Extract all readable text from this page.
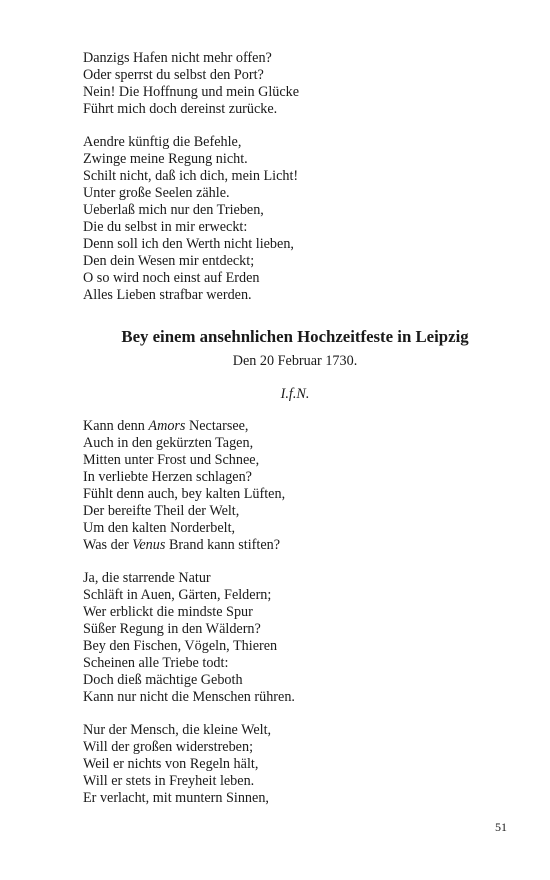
Danzigs Hafen nicht mehr offen?
Oder sperrst du selbst den Port?
Nein! Die Hoffnung und mein Glücke
Führt mich doch dereinst zurücke.

Aendre künftig die Befehle,
Zwinge meine Regung nicht.
Schilt nicht, daß ich dich, mein Licht!
Unter große Seelen zähle.
Ueberlaß mich nur den Trieben,
Die du selbst in mir erweckt:
Denn soll ich den Werth nicht lieben,
Den dein Wesen mir entdeckt;
O so wird noch einst auf Erden
Alles Lieben strafbar werden.

Bey einem ansehnlichen Hochzeitfeste in Leipzig

Den 20 Februar 1730.

I.f.N.

Kann denn Amors Nectarsee,
Auch in den gekürzten Tagen,
Mitten unter Frost und Schnee,
In verliebte Herzen schlagen?
Fühlt denn auch, bey kalten Lüften,
Der bereifte Theil der Welt,
Um den kalten Norderbelt,
Was der Venus Brand kann stiften?

Ja, die starrende Natur
Schläft in Auen, Gärten, Feldern;
Wer erblickt die mindste Spur
Süßer Regung in den Wäldern?
Bey den Fischen, Vögeln, Thieren
Scheinen alle Triebe todt:
Doch dieß mächtige Geboth
Kann nur nicht die Menschen rühren.

Nur der Mensch, die kleine Welt,
Will der großen widerstreben;
Weil er nichts von Regeln hält,
Will er stets in Freyheit leben.
Er verlacht, mit muntern Sinnen,

51
